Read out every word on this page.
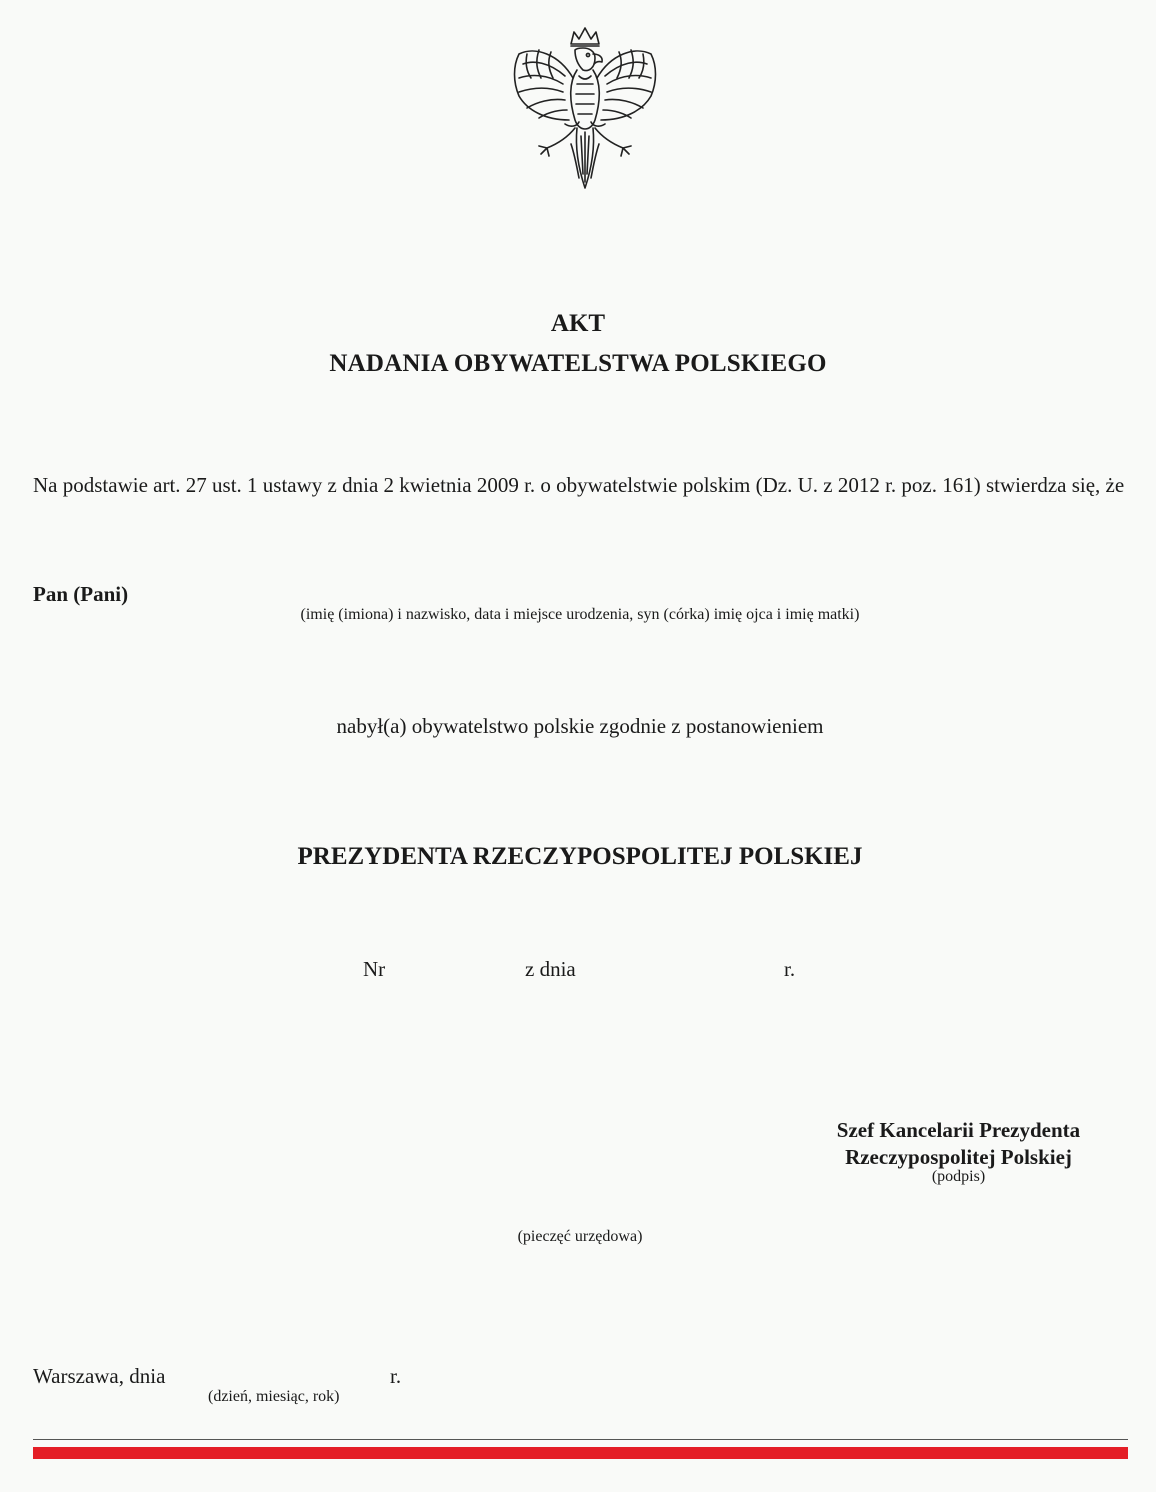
AKT
NADANIA OBYWATELSTWA POLSKIEGO
Na podstawie art. 27 ust. 1 ustawy z dnia 2 kwietnia 2009 r. o obywatelstwie polskim (Dz. U. z 2012 r. poz. 161) stwierdza się, że
Pan (Pani)
(imię (imiona) i nazwisko, data i miejsce urodzenia, syn (córka) imię ojca i imię matki)
nabył(a) obywatelstwo polskie zgodnie z postanowieniem
PREZYDENTA RZECZYPOSPOLITEJ POLSKIEJ
Nr	z dnia	r.
Szef Kancelarii Prezydenta
Rzeczypospolitej Polskiej
(podpis)
(pieczęć urzędowa)
Warszawa, dnia	r.
(dzień, miesiąc, rok)
